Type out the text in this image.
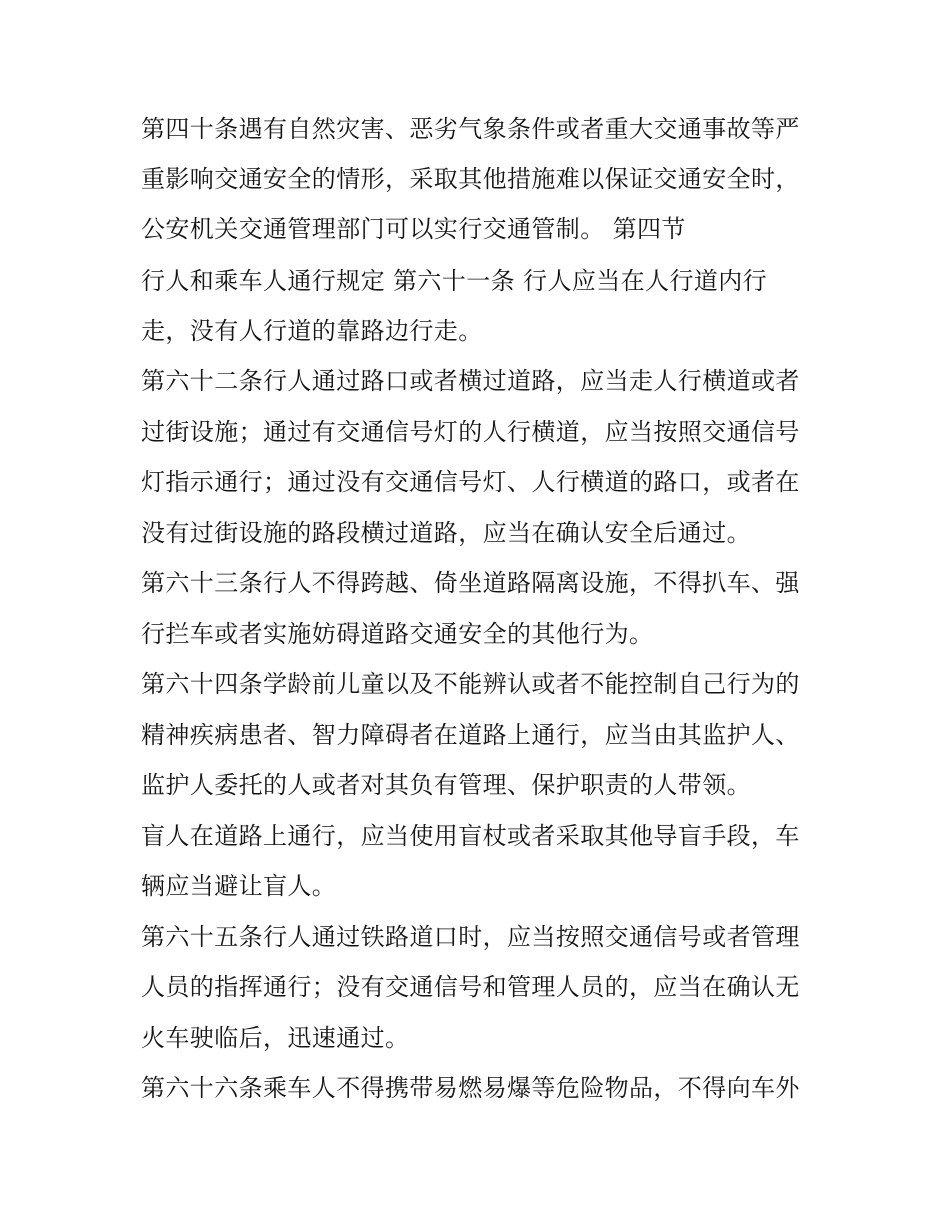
第四十条遇有自然灾害、恶劣气象条件或者重大交通事故等严
重影响交通安全的情形，采取其他措施难以保证交通安全时，
公安机关交通管理部门可以实行交通管制。 第四节
行人和乘车人通行规定 第六十一条 行人应当在人行道内行
走，没有人行道的靠路边行走。
第六十二条行人通过路口或者横过道路，应当走人行横道或者
过街设施；通过有交通信号灯的人行横道，应当按照交通信号
灯指示通行；通过没有交通信号灯、人行横道的路口，或者在
没有过街设施的路段横过道路，应当在确认安全后通过。
第六十三条行人不得跨越、倚坐道路隔离设施，不得扒车、强
行拦车或者实施妨碍道路交通安全的其他行为。
第六十四条学龄前儿童以及不能辨认或者不能控制自己行为的
精神疾病患者、智力障碍者在道路上通行，应当由其监护人、
监护人委托的人或者对其负有管理、保护职责的人带领。
盲人在道路上通行，应当使用盲杖或者采取其他导盲手段，车
辆应当避让盲人。
第六十五条行人通过铁路道口时，应当按照交通信号或者管理
人员的指挥通行；没有交通信号和管理人员的，应当在确认无
火车驶临后，迅速通过。
第六十六条乘车人不得携带易燃易爆等危险物品，不得向车外
